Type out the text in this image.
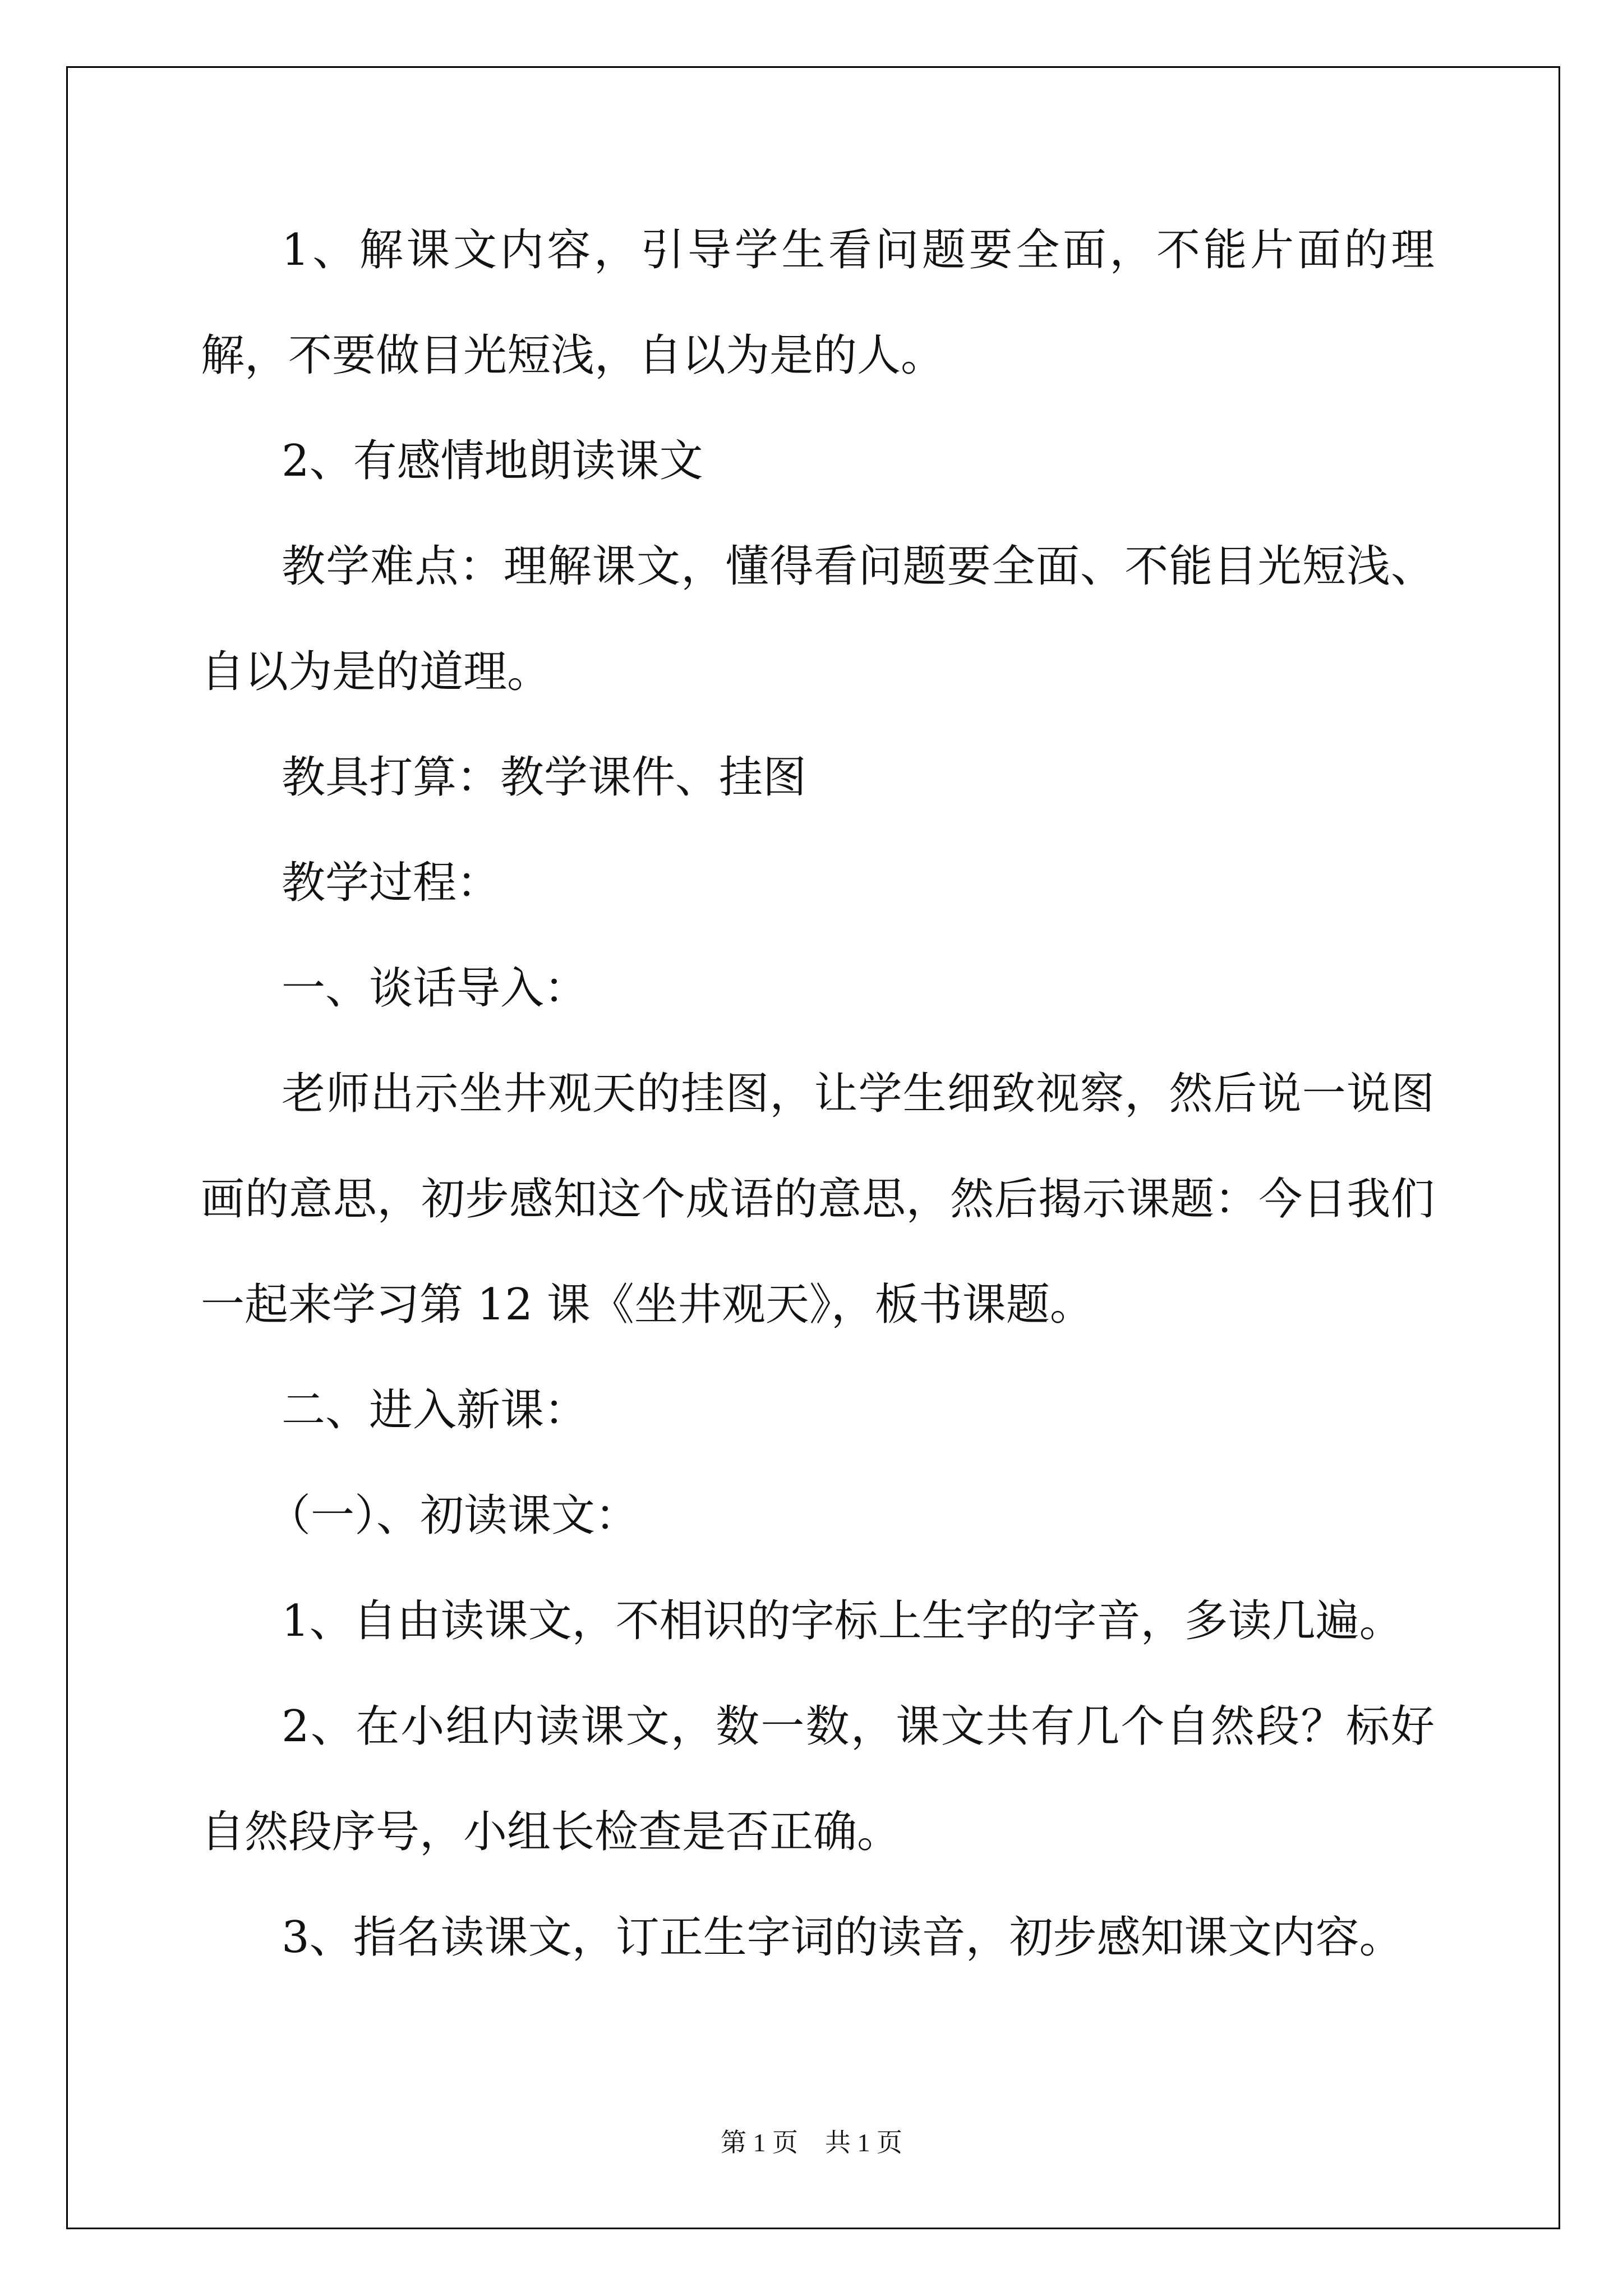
1、解课文内容，引导学生看问题要全面，不能片面的理解，不要做目光短浅，自以为是的人。

2、有感情地朗读课文

教学难点：理解课文，懂得看问题要全面、不能目光短浅、自以为是的道理。

教具打算：教学课件、挂图

教学过程：

一、谈话导入：

老师出示坐井观天的挂图，让学生细致视察，然后说一说图画的意思，初步感知这个成语的意思，然后揭示课题：今日我们一起来学习第 12 课《坐井观天》，板书课题。

二、进入新课：

（一）、初读课文：

1、自由读课文，不相识的字标上生字的字音，多读几遍。

2、在小组内读课文，数一数，课文共有几个自然段？标好自然段序号，小组长检查是否正确。

3、指名读课文，订正生字词的读音，初步感知课文内容。

第 1 页 共 1 页
